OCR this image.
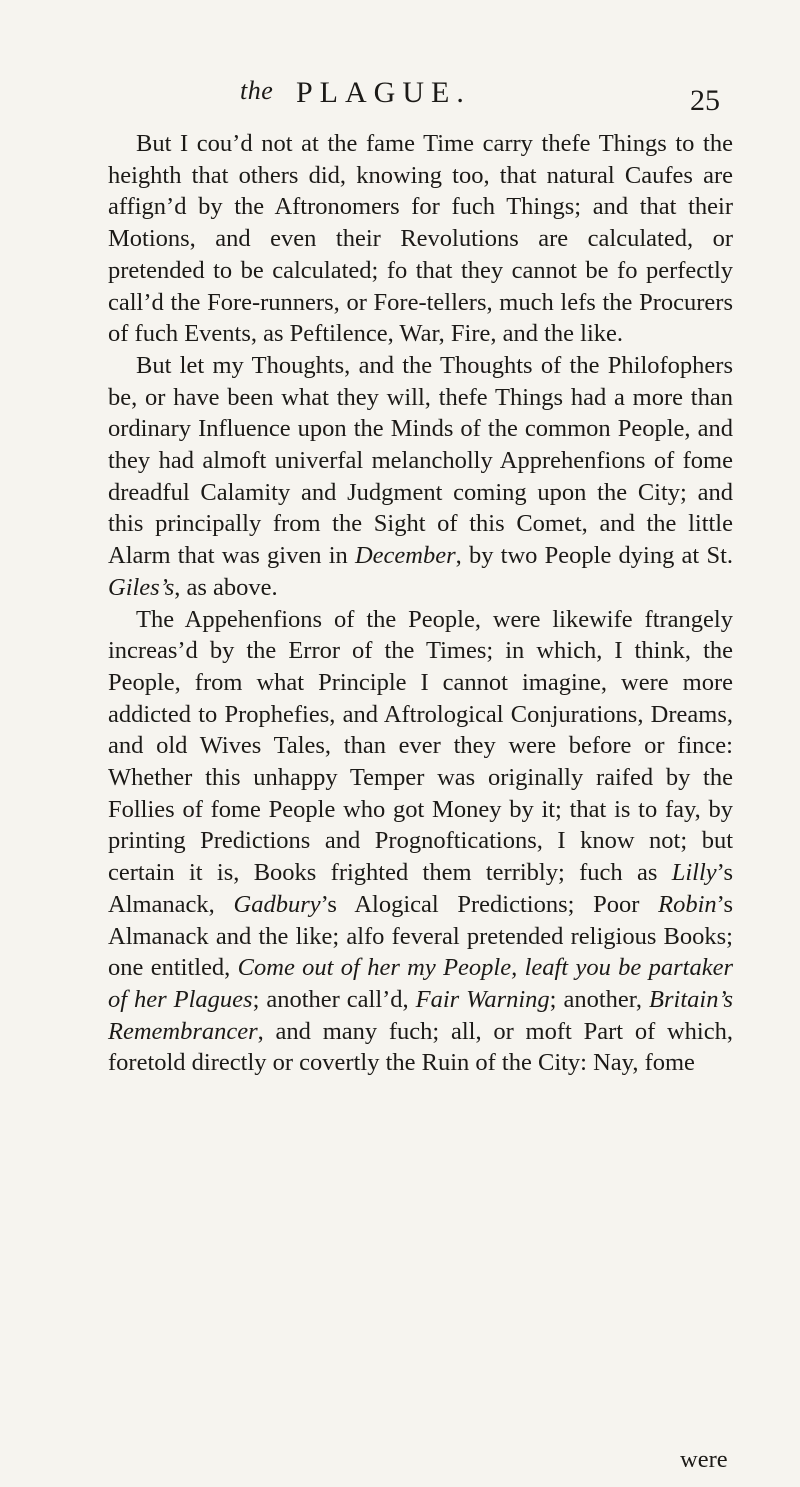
the PLAGUE.	25

But I cou’d not at the fame Time carry thefe Things to the heighth that others did, knowing too, that natural Caufes are affign’d by the Aftronomers for fuch Things; and that their Motions, and even their Revolutions are calculated, or pretended to be calculated; fo that they cannot be fo perfectly call’d the Fore-runners, or Fore-tellers, much lefs the Procurers of fuch Events, as Peftilence, War, Fire, and the like.

But let my Thoughts, and the Thoughts of the Philofophers be, or have been what they will, thefe Things had a more than ordinary Influence upon the Minds of the common People, and they had almoft univerfal melancholly Apprehenfions of fome dreadful Calamity and Judgment coming upon the City; and this principally from the Sight of this Comet, and the little Alarm that was given in December, by two People dying at St. Giles’s, as above.

The Appehenfions of the People, were likewife ftrangely increas’d by the Error of the Times; in which, I think, the People, from what Principle I cannot imagine, were more addicted to Prophefies, and Aftrological Conjurations, Dreams, and old Wives Tales, than ever they were before or fince: Whether this unhappy Temper was originally raifed by the Follies of fome People who got Money by it; that is to fay, by printing Predictions and Prognoftications, I know not; but certain it is, Books frighted them terribly; fuch as Lilly’s Almanack, Gadbury’s Alogical Predictions; Poor Robin’s Almanack and the like; alfo feveral pretended religious Books; one entitled, Come out of her my People, leaft you be partaker of her Plagues; another call’d, Fair Warning; another, Britain’s Remembrancer, and many fuch; all, or moft Part of which, foretold directly or covertly the Ruin of the City: Nay, fome

were
